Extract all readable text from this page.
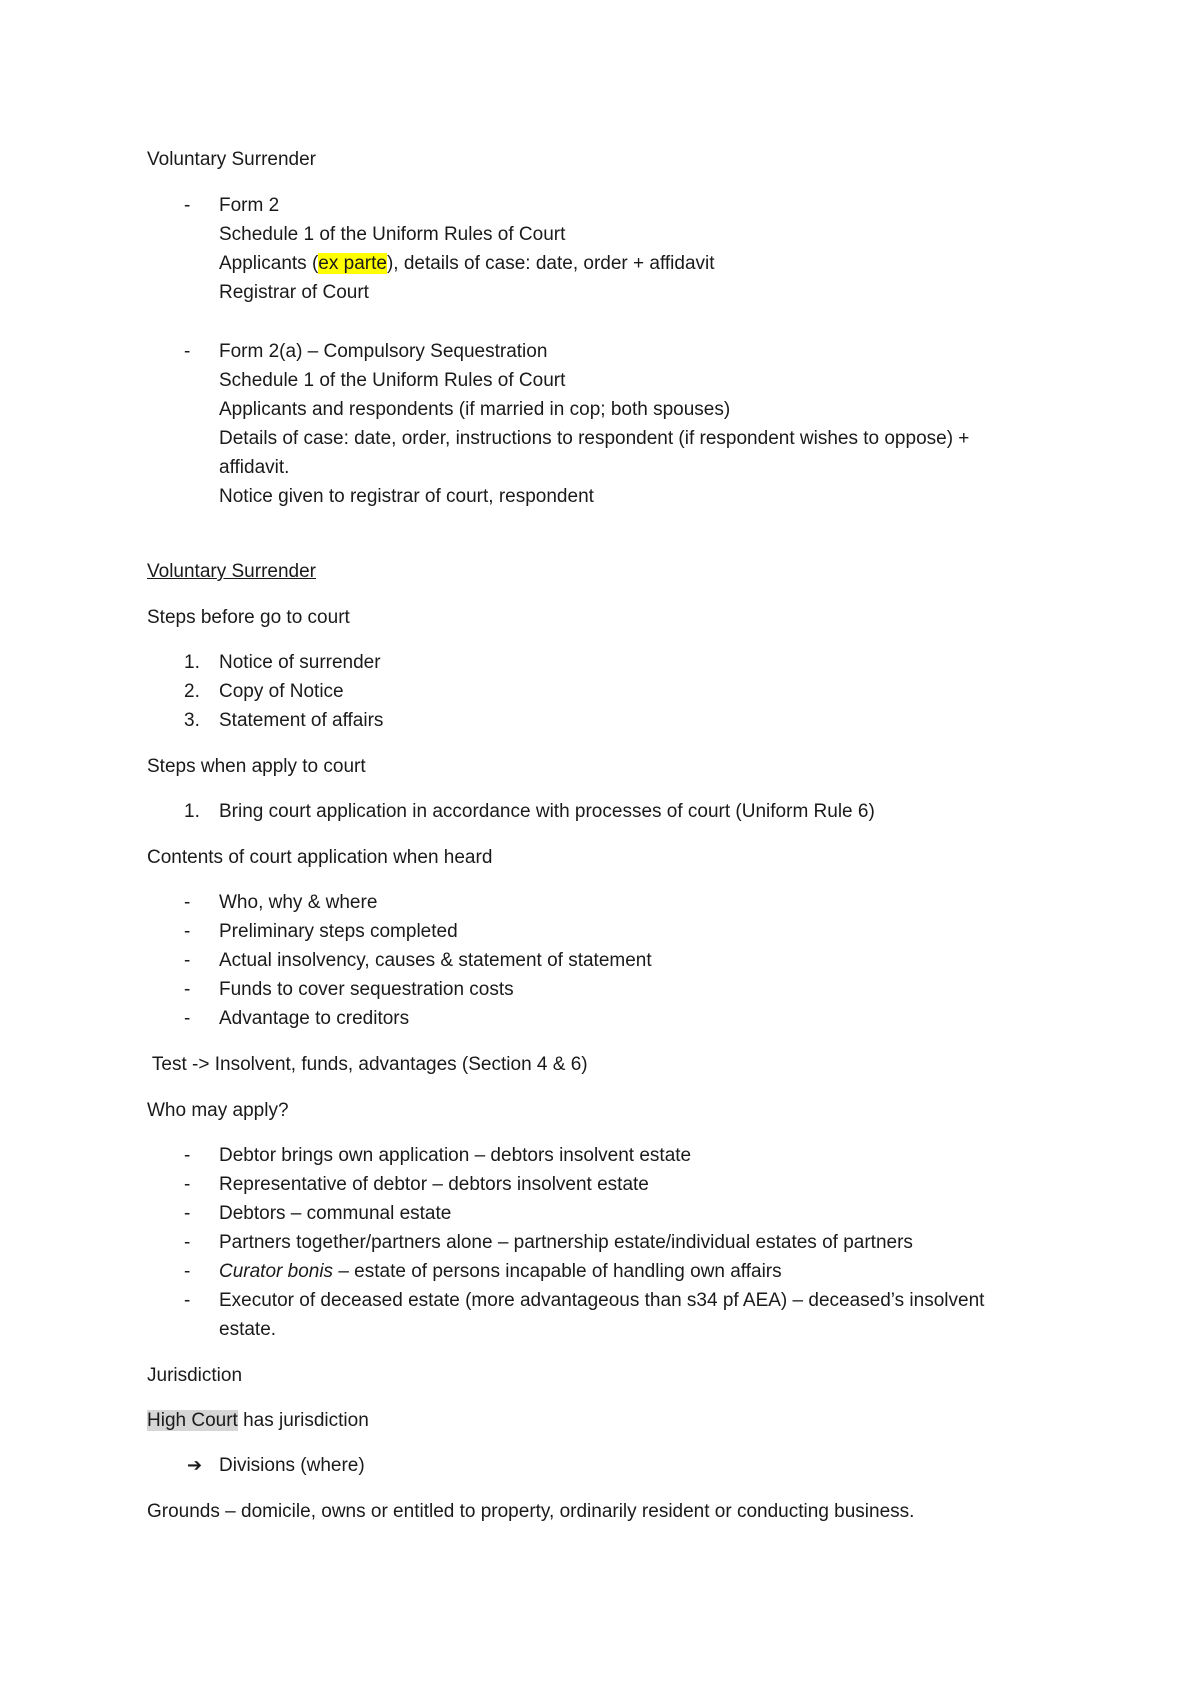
Voluntary Surrender
-	Form 2
Schedule 1 of the Uniform Rules of Court
Applicants (ex parte), details of case: date, order + affidavit
Registrar of Court
-	Form 2(a) – Compulsory Sequestration
Schedule 1 of the Uniform Rules of Court
Applicants and respondents (if married in cop; both spouses)
Details of case: date, order, instructions to respondent (if respondent wishes to oppose) +
affidavit.
Notice given to registrar of court, respondent
Voluntary Surrender
Steps before go to court
1.	Notice of surrender
2.	Copy of Notice
3.	Statement of affairs
Steps when apply to court
1.	Bring court application in accordance with processes of court (Uniform Rule 6)
Contents of court application when heard
-	Who, why & where
-	Preliminary steps completed
-	Actual insolvency, causes & statement of statement
-	Funds to cover sequestration costs
-	Advantage to creditors
Test -> Insolvent, funds, advantages (Section 4 & 6)
Who may apply?
-	Debtor brings own application – debtors insolvent estate
-	Representative of debtor – debtors insolvent estate
-	Debtors – communal estate
-	Partners together/partners alone – partnership estate/individual estates of partners
-	Curator bonis – estate of persons incapable of handling own affairs
-	Executor of deceased estate (more advantageous than s34 pf AEA) – deceased’s insolvent
estate.
Jurisdiction
High Court has jurisdiction
➔ Divisions (where)
Grounds – domicile, owns or entitled to property, ordinarily resident or conducting business.
